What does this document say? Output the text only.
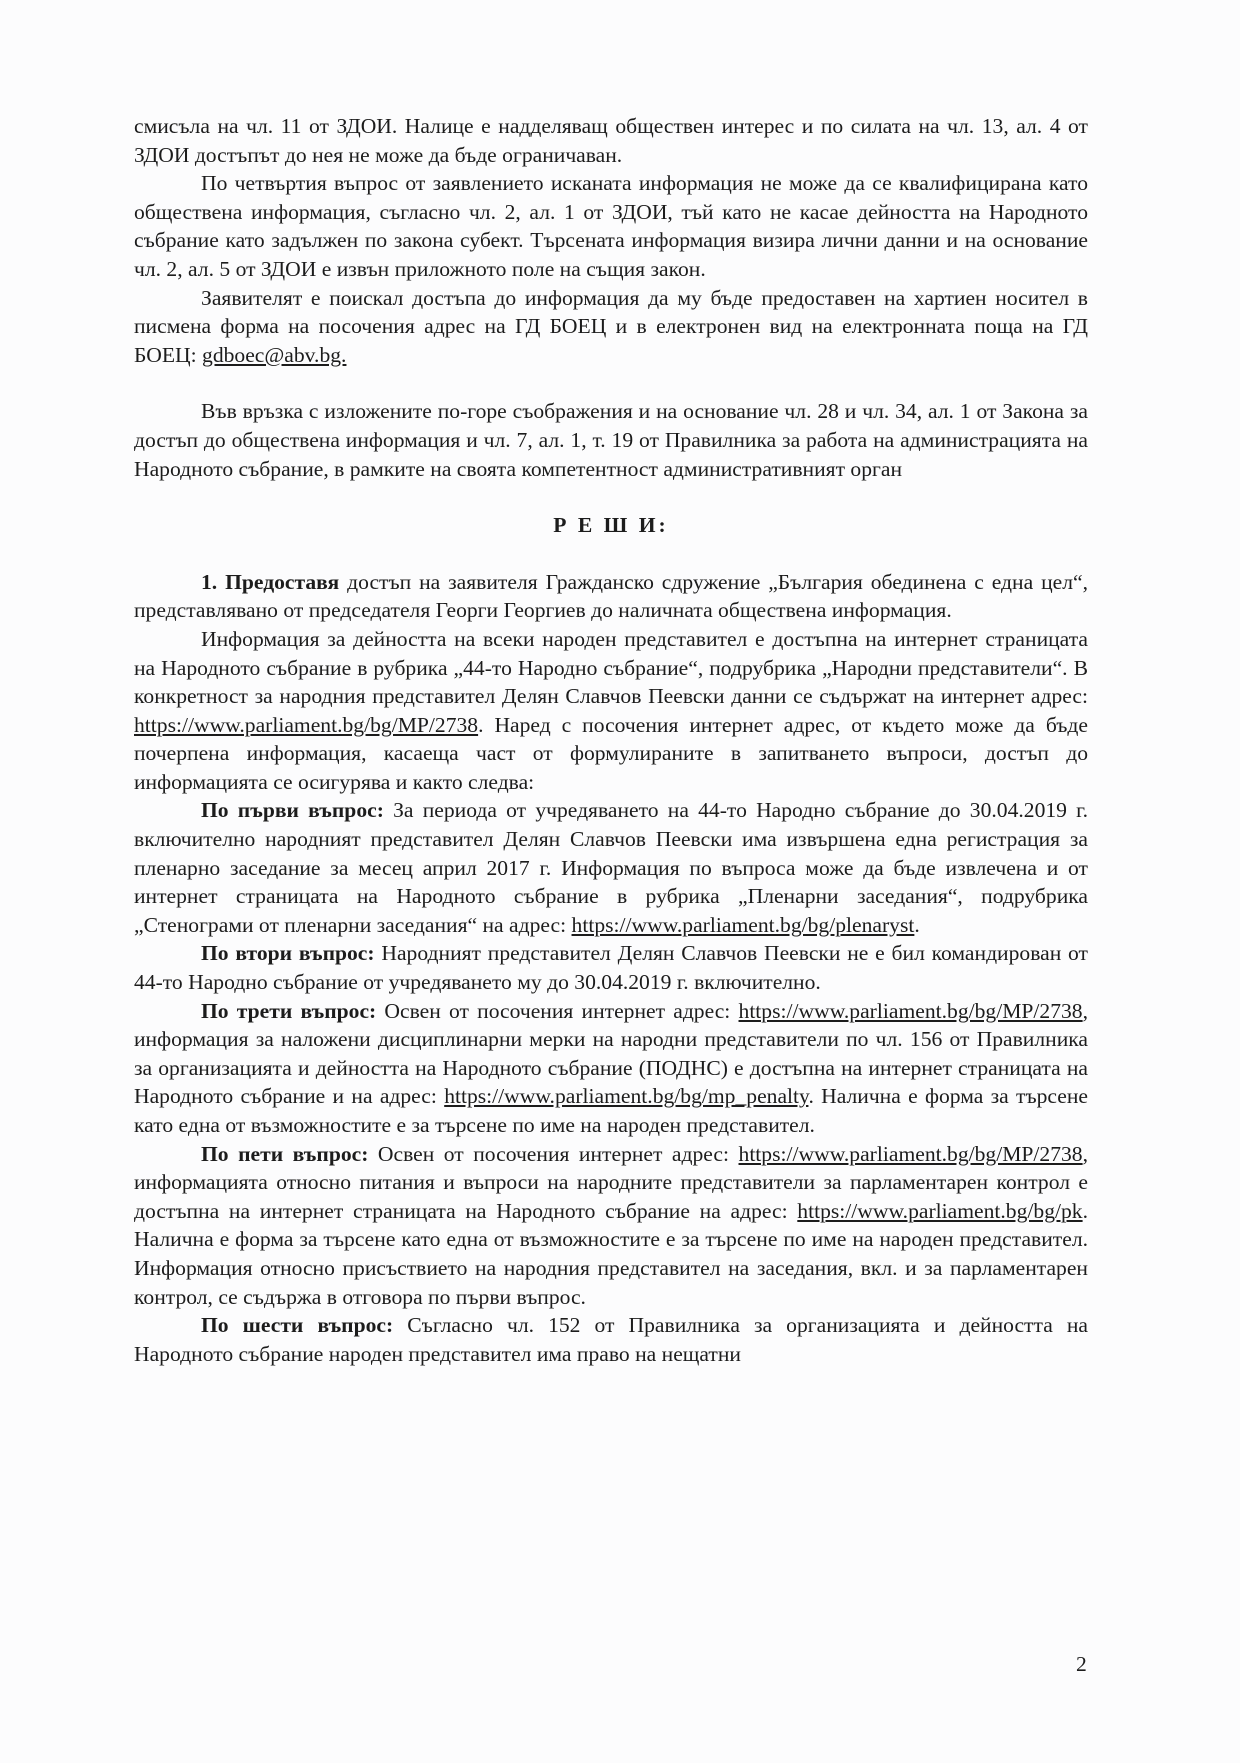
смисъла на чл. 11 от ЗДОИ. Налице е надделяващ обществен интерес и по силата на чл. 13, ал. 4 от ЗДОИ достъпът до нея не може да бъде ограничаван.

По четвъртия въпрос от заявлението исканата информация не може да се квалифицирана като обществена информация, съгласно чл. 2, ал. 1 от ЗДОИ, тъй като не касае дейността на Народното събрание като задължен по закона субект. Търсената информация визира лични данни и на основание чл. 2, ал. 5 от ЗДОИ е извън приложното поле на същия закон.

Заявителят е поискал достъпа до информация да му бъде предоставен на хартиен носител в писмена форма на посочения адрес на ГД БОЕЦ и в електронен вид на електронната поща на ГД БОЕЦ: gdboec@abv.bg.

Във връзка с изложените по-горе съображения и на основание чл. 28 и чл. 34, ал. 1 от Закона за достъп до обществена информация и чл. 7, ал. 1, т. 19 от Правилника за работа на администрацията на Народното събрание, в рамките на своята компетентност административният орган

Р Е Ш И:

1. Предоставя достъп на заявителя Гражданско сдружение „България обединена с една цел“, представлявано от председателя Георги Георгиев до наличната обществена информация.

Информация за дейността на всеки народен представител е достъпна на интернет страницата на Народното събрание в рубрика „44-то Народно събрание“, подрубрика „Народни представители“. В конкретност за народния представител Делян Славчов Пеевски данни се съдържат на интернет адрес: https://www.parliament.bg/bg/MP/2738. Наред с посочения интернет адрес, от където може да бъде почерпена информация, касаеща част от формулираните в запитването въпроси, достъп до информацията се осигурява и както следва:

По първи въпрос: За периода от учредяването на 44-то Народно събрание до 30.04.2019 г. включително народният представител Делян Славчов Пеевски има извършена една регистрация за пленарно заседание за месец април 2017 г. Информация по въпроса може да бъде извлечена и от интернет страницата на Народното събрание в рубрика „Пленарни заседания“, подрубрика „Стенограми от пленарни заседания“ на адрес: https://www.parliament.bg/bg/plenaryst.

По втори въпрос: Народният представител Делян Славчов Пеевски не е бил командирован от 44-то Народно събрание от учредяването му до 30.04.2019 г. включително.

По трети въпрос: Освен от посочения интернет адрес: https://www.parliament.bg/bg/MP/2738, информация за наложени дисциплинарни мерки на народни представители по чл. 156 от Правилника за организацията и дейността на Народното събрание (ПОДНС) е достъпна на интернет страницата на Народното събрание и на адрес: https://www.parliament.bg/bg/mp_penalty. Налична е форма за търсене като една от възможностите е за търсене по име на народен представител.

По пети въпрос: Освен от посочения интернет адрес: https://www.parliament.bg/bg/MP/2738, информацията относно питания и въпроси на народните представители за парламентарен контрол е достъпна на интернет страницата на Народното събрание на адрес: https://www.parliament.bg/bg/pk. Налична е форма за търсене като една от възможностите е за търсене по име на народен представител. Информация относно присъствието на народния представител на заседания, вкл. и за парламентарен контрол, се съдържа в отговора по първи въпрос.

По шести въпрос: Съгласно чл. 152 от Правилника за организацията и дейността на Народното събрание народен представител има право на нещатни

2
